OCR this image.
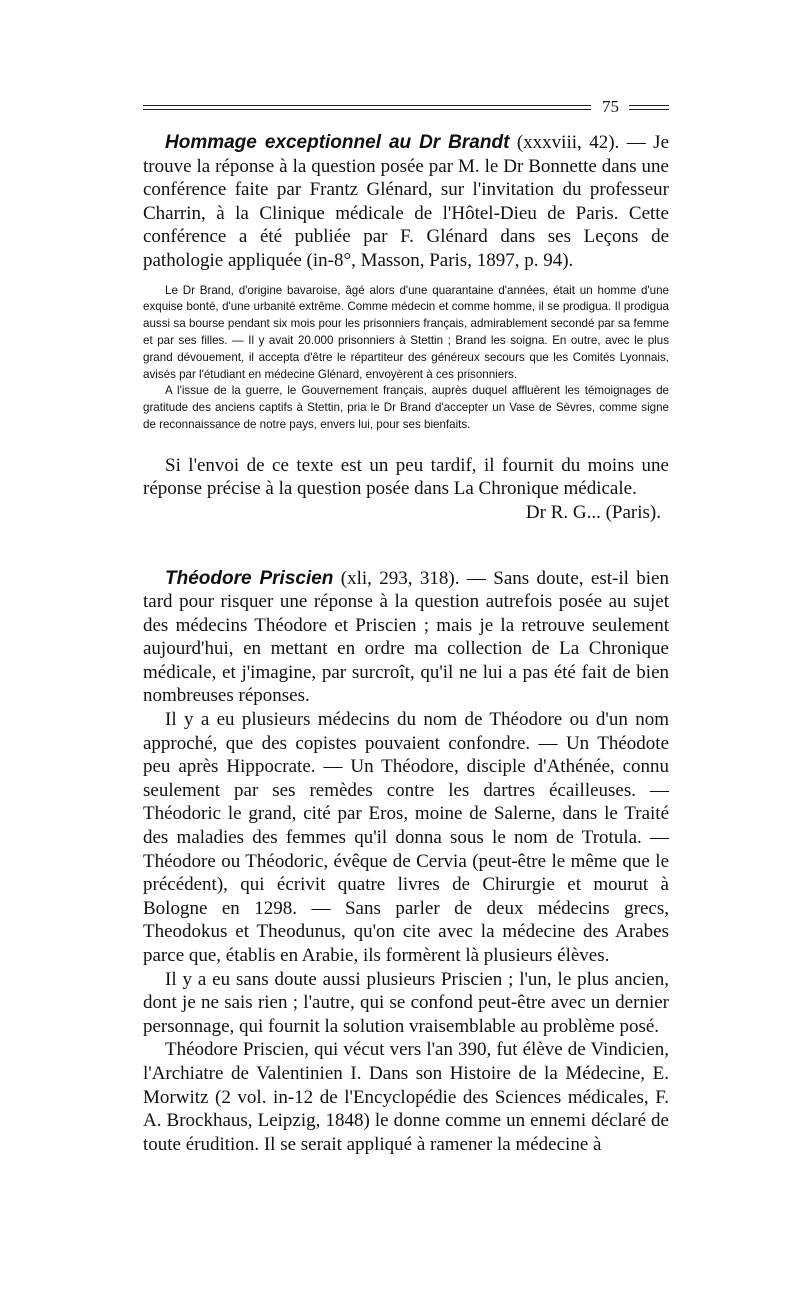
75

Hommage exceptionnel au Dr Brandt (xxxviii, 42). — Je trouve la réponse à la question posée par M. le Dr Bonnette dans une conférence faite par Frantz Glénard, sur l'invitation du professeur Charrin, à la Clinique médicale de l'Hôtel-Dieu de Paris. Cette conférence a été publiée par F. Glénard dans ses Leçons de pathologie appliquée (in-8°, Masson, Paris, 1897, p. 94).

Le Dr Brand, d'origine bavaroise, âgé alors d'une quarantaine d'années, était un homme d'une exquise bonté, d'une urbanité extrême. Comme médecin et comme homme, il se prodigua. Il prodigua aussi sa bourse pendant six mois pour les prisonniers français, admirablement secondé par sa femme et par ses filles. — Il y avait 20.000 prisonniers à Stettin ; Brand les soigna. En outre, avec le plus grand dévouement, il accepta d'être le répartiteur des généreux secours que les Comités Lyonnais, avisés par l'étudiant en médecine Glénard, envoyèrent à ces prisonniers.

A l'issue de la guerre, le Gouvernement français, auprès duquel affluèrent les témoignages de gratitude des anciens captifs à Stettin, pria le Dr Brand d'accepter un Vase de Sèvres, comme signe de reconnaissance de notre pays, envers lui, pour ses bienfaits.

Si l'envoi de ce texte est un peu tardif, il fournit du moins une réponse précise à la question posée dans La Chronique médicale.

Dr R. G... (Paris).

Théodore Priscien (xli, 293, 318). — Sans doute, est-il bien tard pour risquer une réponse à la question autrefois posée au sujet des médecins Théodore et Priscien ; mais je la retrouve seulement aujourd'hui, en mettant en ordre ma collection de La Chronique médicale, et j'imagine, par surcroît, qu'il ne lui a pas été fait de bien nombreuses réponses.

Il y a eu plusieurs médecins du nom de Théodore ou d'un nom approché, que des copistes pouvaient confondre. — Un Théodote peu après Hippocrate. — Un Théodore, disciple d'Athénée, connu seulement par ses remèdes contre les dartres écailleuses. — Théodoric le grand, cité par Eros, moine de Salerne, dans le Traité des maladies des femmes qu'il donna sous le nom de Trotula. — Théodore ou Théodoric, évêque de Cervia (peut-être le même que le précédent), qui écrivit quatre livres de Chirurgie et mourut à Bologne en 1298. — Sans parler de deux médecins grecs, Theodokus et Theodunus, qu'on cite avec la médecine des Arabes parce que, établis en Arabie, ils formèrent là plusieurs élèves.

Il y a eu sans doute aussi plusieurs Priscien ; l'un, le plus ancien, dont je ne sais rien ; l'autre, qui se confond peut-être avec un dernier personnage, qui fournit la solution vraisemblable au problème posé.

Théodore Priscien, qui vécut vers l'an 390, fut élève de Vindicien, l'Archiatre de Valentinien I. Dans son Histoire de la Médecine, E. Morwitz (2 vol. in-12 de l'Encyclopédie des Sciences médicales, F. A. Brockhaus, Leipzig, 1848) le donne comme un ennemi déclaré de toute érudition. Il se serait appliqué à ramener la médecine à
